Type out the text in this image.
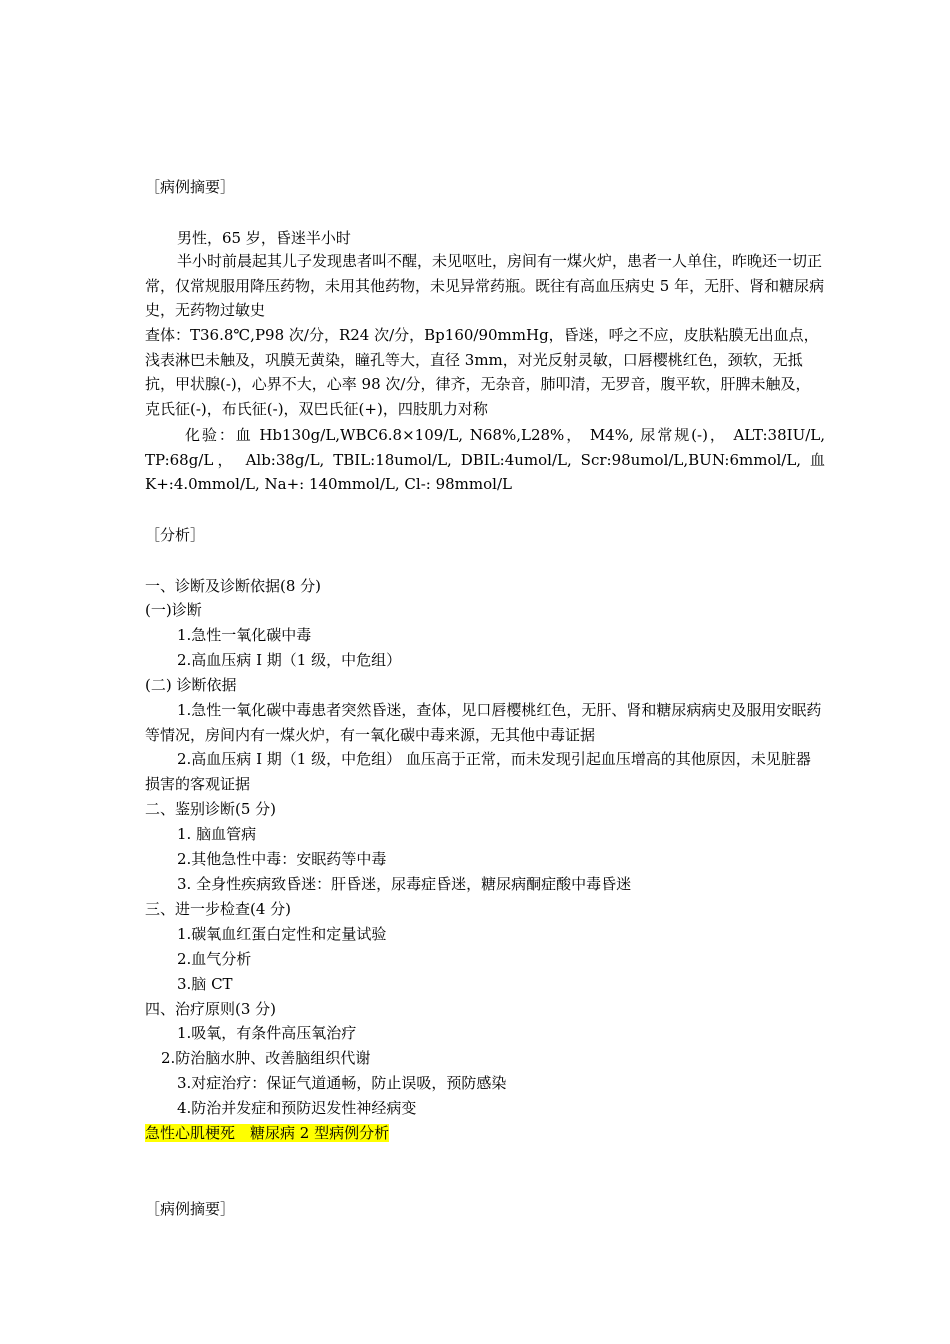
［病例摘要］
男性，65 岁，昏迷半小时
半小时前晨起其儿子发现患者叫不醒，未见呕吐，房间有一煤火炉，患者一人单住，昨晚还一切正常，仅常规服用降压药物，未用其他药物，未见异常药瓶。既往有高血压病史 5 年，无肝、肾和糖尿病史，无药物过敏史
查体：T36.8℃,P98 次/分，R24 次/分，Bp160/90mmHg，昏迷，呼之不应，皮肤粘膜无出血点，浅表淋巴未触及，巩膜无黄染，瞳孔等大，直径 3mm，对光反射灵敏，口唇樱桃红色，颈软，无抵抗，甲状腺(-)，心界不大，心率 98 次/分，律齐，无杂音，肺叩清，无罗音，腹平软，肝脾未触及，克氏征(-)，布氏征(-)，双巴氏征(+)，四肢肌力对称
化验：血 Hb130g/L,WBC6.8×109/L, N68%,L28%， M4%, 尿常规(-)， ALT:38IU/L, TP:68g/L， Alb:38g/L, TBIL:18umol/L, DBIL:4umol/L, Scr:98umol/L,BUN:6mmol/L, 血 K+:4.0mmol/L, Na+: 140mmol/L, Cl-: 98mmol/L
［分析］
一、诊断及诊断依据(8 分)
(一)诊断
1.急性一氧化碳中毒
2.高血压病 I 期（1 级，中危组）
(二) 诊断依据
1.急性一氧化碳中毒患者突然昏迷，查体，见口唇樱桃红色，无肝、肾和糖尿病病史及服用安眠药等情况，房间内有一煤火炉，有一氧化碳中毒来源，无其他中毒证据
2.高血压病 I 期（1 级，中危组） 血压高于正常，而未发现引起血压增高的其他原因，未见脏器损害的客观证据
二、鉴别诊断(5 分)
1. 脑血管病
2.其他急性中毒：安眠药等中毒
3. 全身性疾病致昏迷：肝昏迷，尿毒症昏迷，糖尿病酮症酸中毒昏迷
三、进一步检查(4 分)
1.碳氧血红蛋白定性和定量试验
2.血气分析
3.脑 CT
四、治疗原则(3 分)
1.吸氧，有条件高压氧治疗
2.防治脑水肿、改善脑组织代谢
3.对症治疗：保证气道通畅，防止误吸，预防感染
4.防治并发症和预防迟发性神经病变
急性心肌梗死　糖尿病 2 型病例分析
［病例摘要］
